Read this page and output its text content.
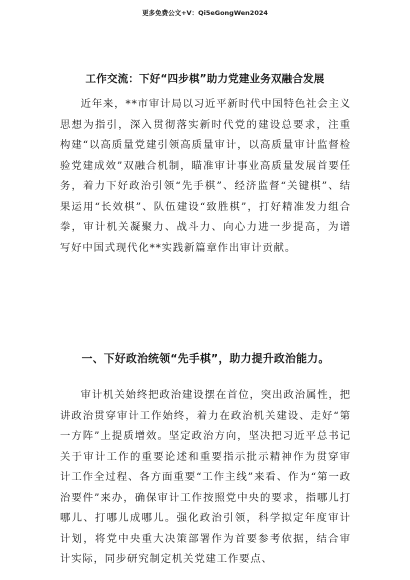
更多免费公文+V：Qi5eGongWen2024
工作交流：下好“四步棋”助力党建业务双融合发展
近年来，**市审计局以习近平新时代中国特色社会主义思想为指引，深入贯彻落实新时代党的建设总要求，注重构建“以高质量党建引领高质量审计，以高质量审计监督检验党建成效”双融合机制，瞄准审计事业高质量发展首要任务，着力下好政治引领“先手棋”、经济监督“关键棋”、结果运用“长效棋”、队伍建设“致胜棋”，打好精准发力组合拳，审计机关凝聚力、战斗力、向心力进一步提高，为谱写好中国式现代化**实践新篇章作出审计贡献。
一、下好政治统领“先手棋”，助力提升政治能力。
审计机关始终把政治建设摆在首位，突出政治属性，把讲政治贯穿审计工作始终，着力在政治机关建设、走好“第一方阵”上提质增效。坚定政治方向，坚决把习近平总书记关于审计工作的重要论述和重要指示批示精神作为贯穿审计工作全过程、各方面重要“工作主线”来看、作为“第一政治要件”来办，确保审计工作按照党中央的要求，指哪儿打哪儿、打哪儿成哪儿。强化政治引领，科学拟定年度审计计划，将党中央重大决策部署作为首要参考依据，结合审计实际，同步研究制定机关党建工作要点、
